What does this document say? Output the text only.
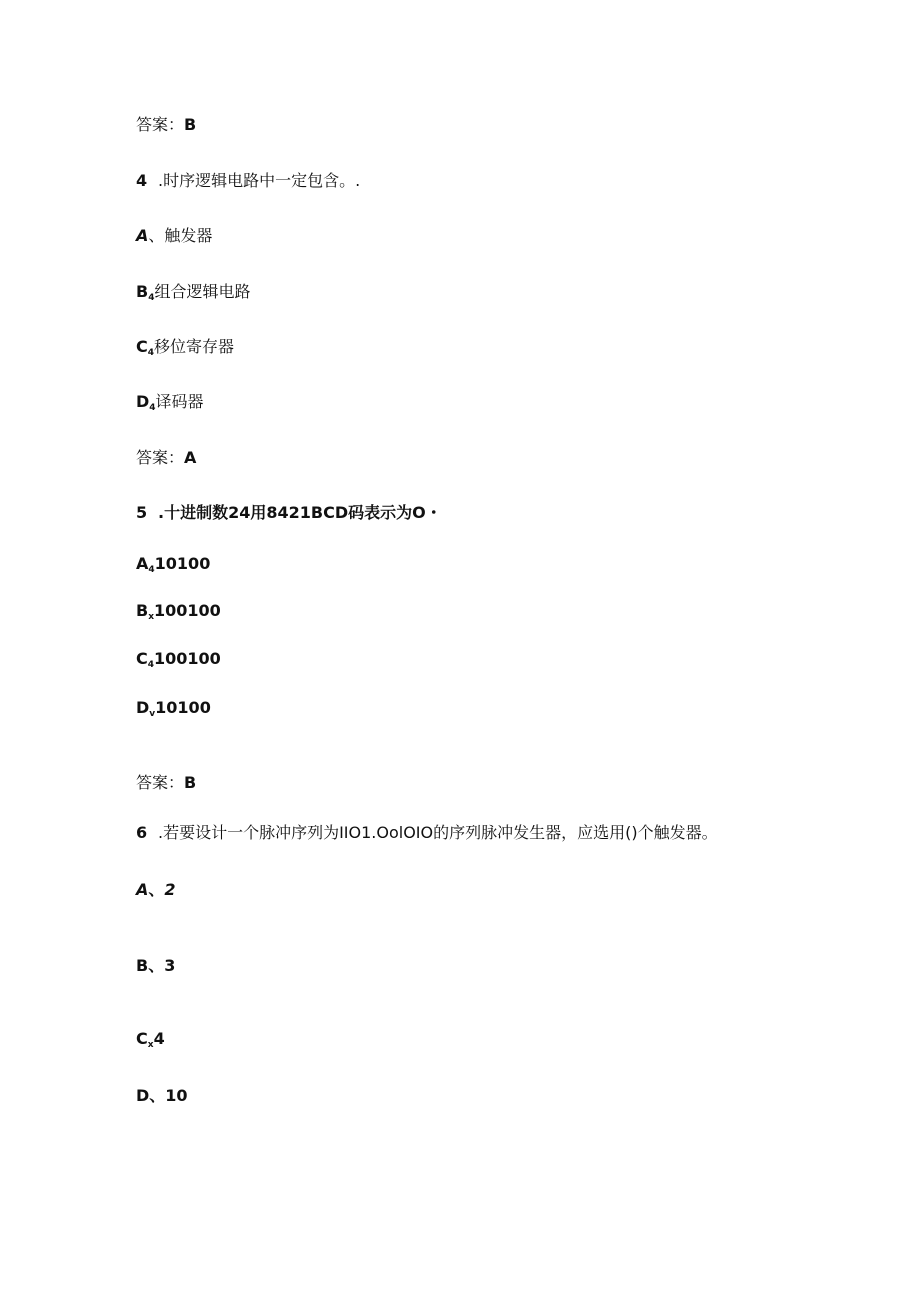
答案：B
4 .时序逻辑电路中一定包含。.
A、触发器
$B_4$组合逻辑电路
$C_4$移位寄存器
$D_4$译码器
答案：A
5 .十进制数24用8421BCD码表示为O・
$A_410100$
$B_x100100$
$C_4100100$
$D_v10100$
答案：B
6 .若要设计一个脉冲序列为IIO1.OolOIO的序列脉冲发生器，应选用()个触发器。
A、2
B、3
$C_x4$
D、10
